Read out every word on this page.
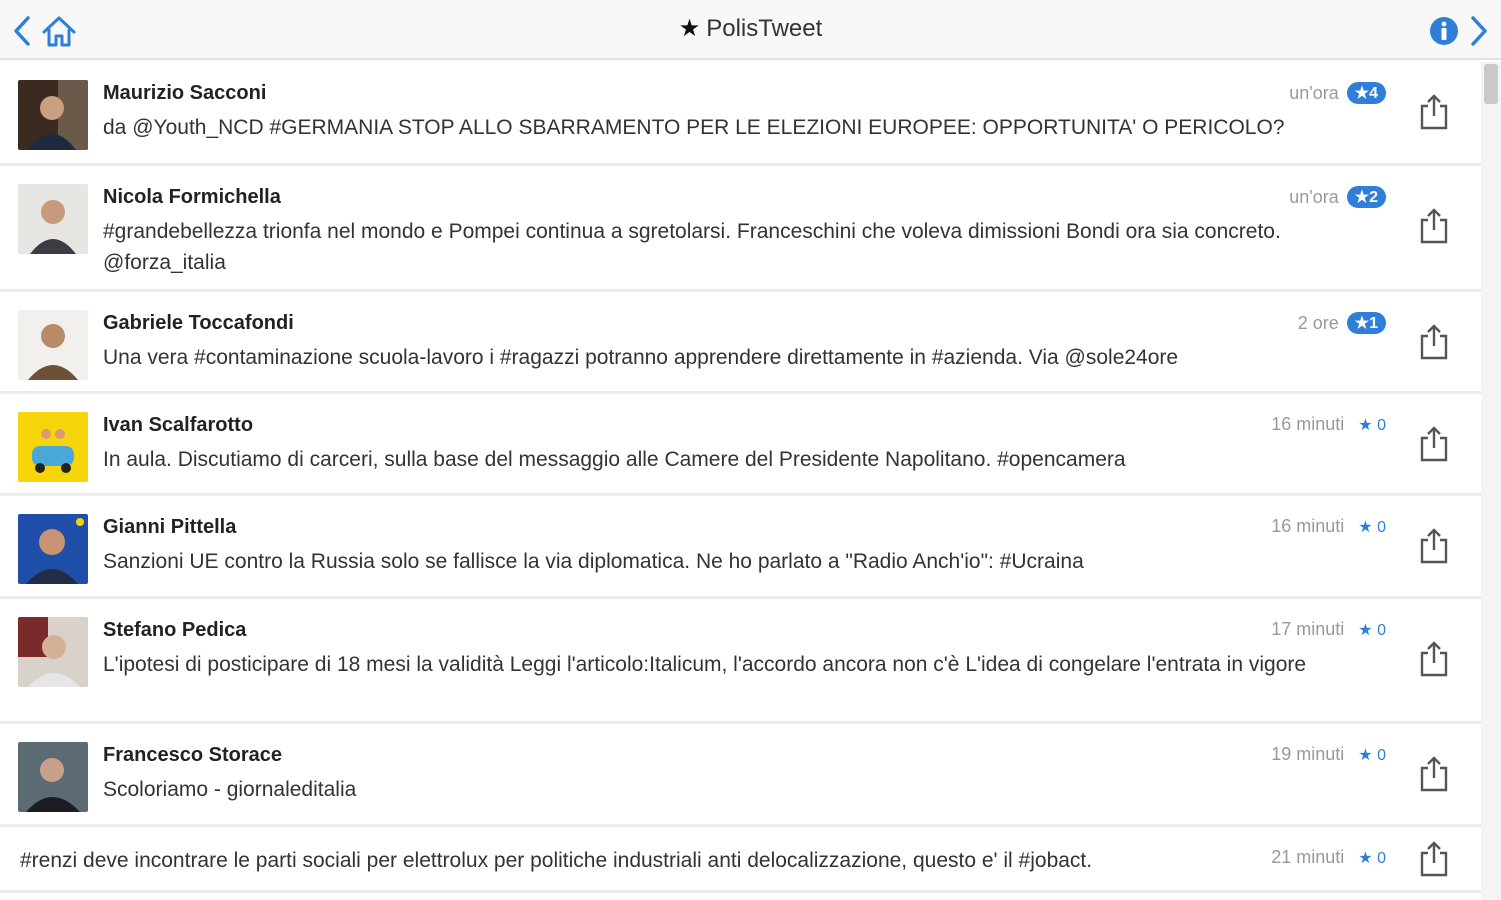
★ PolisTweet
Maurizio Sacconi	un'ora	★4
da @Youth_NCD #GERMANIA STOP ALLO SBARRAMENTO PER LE ELEZIONI EUROPEE: OPPORTUNITA' O PERICOLO?
Nicola Formichella	un'ora	★2
#grandebellezza trionfa nel mondo e Pompei continua a sgretolarsi. Franceschini che voleva dimissioni Bondi ora sia concreto. @forza_italia
Gabriele Toccafondi	2 ore	★1
Una vera #contaminazione scuola-lavoro i #ragazzi potranno apprendere direttamente in #azienda. Via @sole24ore
Ivan Scalfarotto	16 minuti ★ 0
In aula. Discutiamo di carceri, sulla base del messaggio alle Camere del Presidente Napolitano. #opencamera
Gianni Pittella	16 minuti ★ 0
Sanzioni UE contro la Russia solo se fallisce la via diplomatica. Ne ho parlato a "Radio Anch'io": #Ucraina
Stefano Pedica	17 minuti ★ 0
L'ipotesi di posticipare di 18 mesi la validità Leggi l'articolo:Italicum, l'accordo ancora non c'è L'idea di congelare l'entrata in vigore
Francesco Storace	19 minuti ★ 0
Scoloriamo - giornaleditalia
#renzi deve incontrare le parti sociali per elettrolux per politiche industriali anti delocalizzazione, questo e' il #jobact.	21 minuti ★ 0
